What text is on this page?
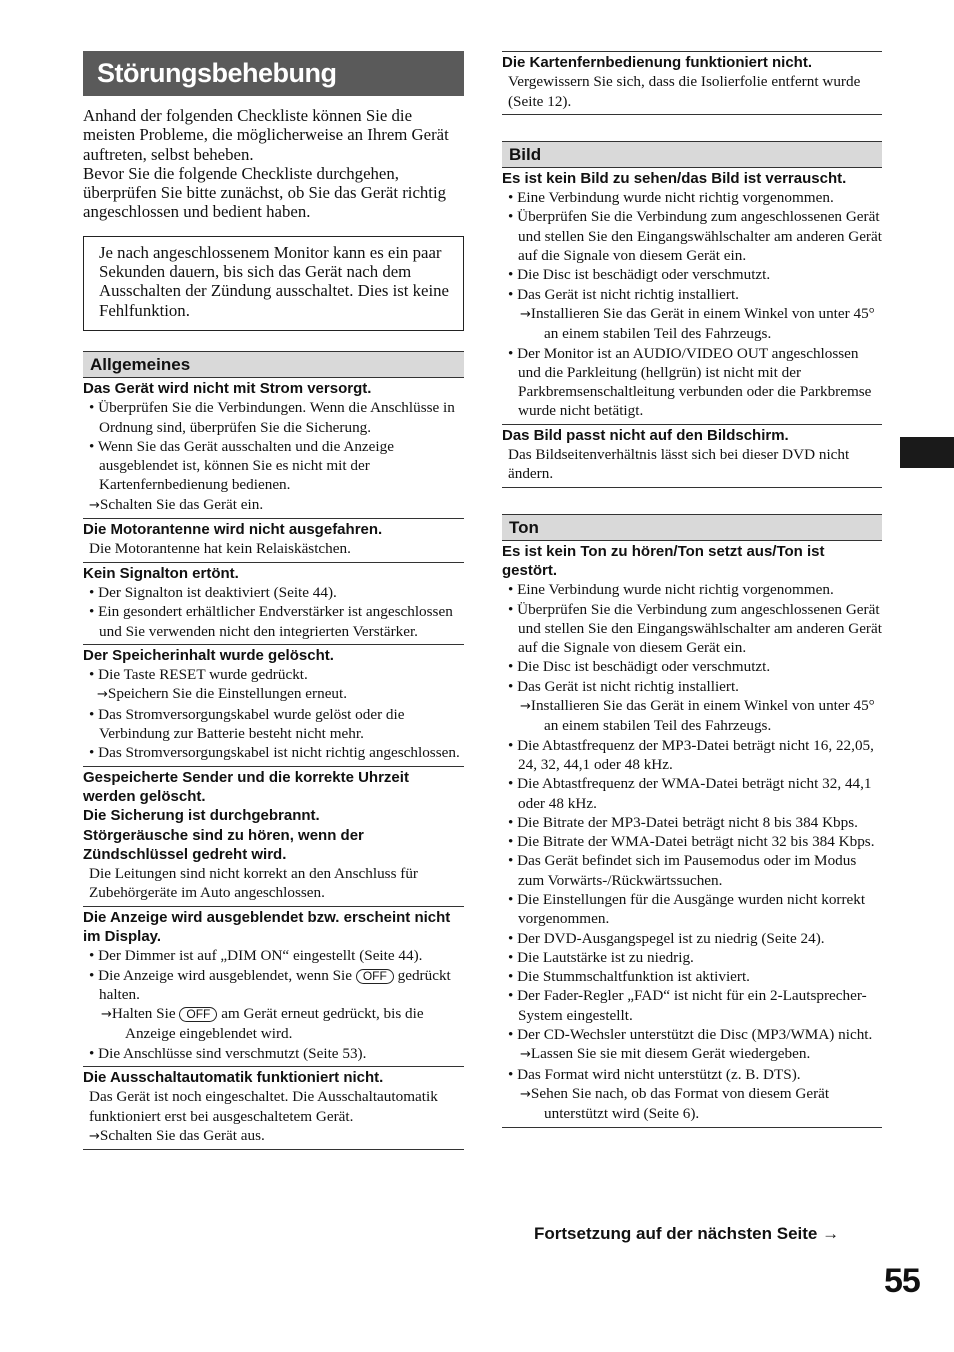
Störungsbehebung

Anhand der folgenden Checkliste können Sie die meisten Probleme, die möglicherweise an Ihrem Gerät auftreten, selbst beheben.

Bevor Sie die folgende Checkliste durchgehen, überprüfen Sie bitte zunächst, ob Sie das Gerät richtig angeschlossen und bedient haben.

Je nach angeschlossenem Monitor kann es ein paar Sekunden dauern, bis sich das Gerät nach dem Ausschalten der Zündung ausschaltet. Dies ist keine Fehlfunktion.
Allgemeines
Das Gerät wird nicht mit Strom versorgt.
• Überprüfen Sie die Verbindungen. Wenn die Anschlüsse in Ordnung sind, überprüfen Sie die Sicherung.
• Wenn Sie das Gerät ausschalten und die Anzeige ausgeblendet ist, können Sie es nicht mit der Kartenfernbedienung bedienen.
→Schalten Sie das Gerät ein.
Die Motorantenne wird nicht ausgefahren.
Die Motorantenne hat kein Relaiskästchen.
Kein Signalton ertönt.
• Der Signalton ist deaktiviert (Seite 44).
• Ein gesondert erhältlicher Endverstärker ist angeschlossen und Sie verwenden nicht den integrierten Verstärker.
Der Speicherinhalt wurde gelöscht.
• Die Taste RESET wurde gedrückt.
→Speichern Sie die Einstellungen erneut.
• Das Stromversorgungskabel wurde gelöst oder die Verbindung zur Batterie besteht nicht mehr.
• Das Stromversorgungskabel ist nicht richtig angeschlossen.
Gespeicherte Sender und die korrekte Uhrzeit werden gelöscht.
Die Sicherung ist durchgebrannt.
Störgeräusche sind zu hören, wenn der Zündschlüssel gedreht wird.
Die Leitungen sind nicht korrekt an den Anschluss für Zubehörgeräte im Auto angeschlossen.
Die Anzeige wird ausgeblendet bzw. erscheint nicht im Display.
• Der Dimmer ist auf „DIM ON“ eingestellt (Seite 44).
• Die Anzeige wird ausgeblendet, wenn Sie OFF gedrückt halten.
→Halten Sie OFF am Gerät erneut gedrückt, bis die Anzeige eingeblendet wird.
• Die Anschlüsse sind verschmutzt (Seite 53).
Die Ausschaltautomatik funktioniert nicht.
Das Gerät ist noch eingeschaltet. Die Ausschaltautomatik funktioniert erst bei ausgeschaltetem Gerät.
→Schalten Sie das Gerät aus.
Die Kartenfernbedienung funktioniert nicht.
Vergewissern Sie sich, dass die Isolierfolie entfernt wurde (Seite 12).
Bild
Es ist kein Bild zu sehen/das Bild ist verrauscht.
• Eine Verbindung wurde nicht richtig vorgenommen.
• Überprüfen Sie die Verbindung zum angeschlossenen Gerät und stellen Sie den Eingangswählschalter am anderen Gerät auf die Signale von diesem Gerät ein.
• Die Disc ist beschädigt oder verschmutzt.
• Das Gerät ist nicht richtig installiert.
→Installieren Sie das Gerät in einem Winkel von unter 45° an einem stabilen Teil des Fahrzeugs.
• Der Monitor ist an AUDIO/VIDEO OUT angeschlossen und die Parkleitung (hellgrün) ist nicht mit der Parkbremsenschaltleitung verbunden oder die Parkbremse wurde nicht betätigt.
Das Bild passt nicht auf den Bildschirm.
Das Bildseitenverhältnis lässt sich bei dieser DVD nicht ändern.
Ton
Es ist kein Ton zu hören/Ton setzt aus/Ton ist gestört.
• Eine Verbindung wurde nicht richtig vorgenommen.
• Überprüfen Sie die Verbindung zum angeschlossenen Gerät und stellen Sie den Eingangswählschalter am anderen Gerät auf die Signale von diesem Gerät ein.
• Die Disc ist beschädigt oder verschmutzt.
• Das Gerät ist nicht richtig installiert.
→Installieren Sie das Gerät in einem Winkel von unter 45° an einem stabilen Teil des Fahrzeugs.
• Die Abtastfrequenz der MP3-Datei beträgt nicht 16, 22,05, 24, 32, 44,1 oder 48 kHz.
• Die Abtastfrequenz der WMA-Datei beträgt nicht 32, 44,1 oder 48 kHz.
• Die Bitrate der MP3-Datei beträgt nicht 8 bis 384 Kbps.
• Die Bitrate der WMA-Datei beträgt nicht 32 bis 384 Kbps.
• Das Gerät befindet sich im Pausemodus oder im Modus zum Vorwärts-/Rückwärtssuchen.
• Die Einstellungen für die Ausgänge wurden nicht korrekt vorgenommen.
• Der DVD-Ausgangspegel ist zu niedrig (Seite 24).
• Die Lautstärke ist zu niedrig.
• Die Stummschaltfunktion ist aktiviert.
• Der Fader-Regler „FAD“ ist nicht für ein 2-Lautsprecher-System eingestellt.
• Der CD-Wechsler unterstützt die Disc (MP3/WMA) nicht.
→Lassen Sie sie mit diesem Gerät wiedergeben.
• Das Format wird nicht unterstützt (z. B. DTS).
→Sehen Sie nach, ob das Format von diesem Gerät unterstützt wird (Seite 6).
Fortsetzung auf der nächsten Seite →
55
